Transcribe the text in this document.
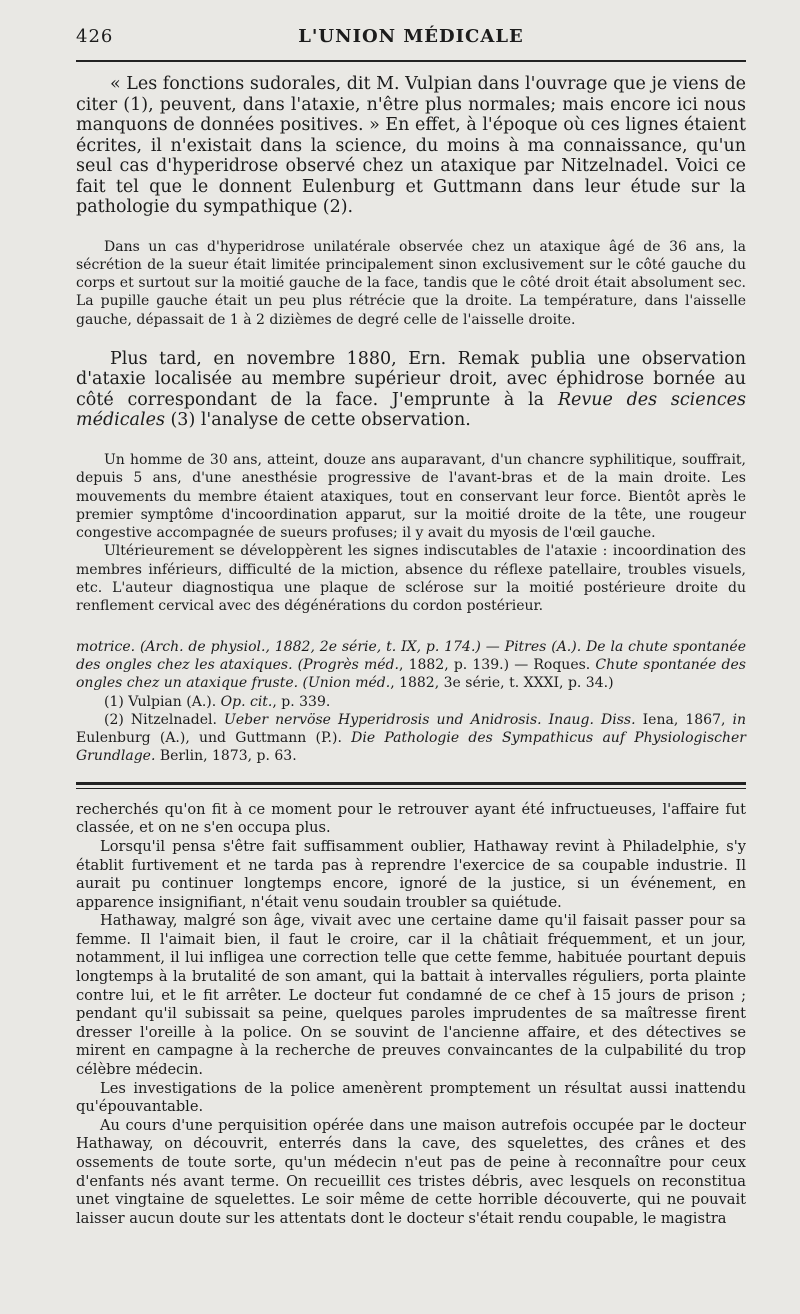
426	L'UNION MÉDICALE

« Les fonctions sudorales, dit M. Vulpian dans l'ouvrage que je viens de citer (1), peuvent, dans l'ataxie, n'être plus normales; mais encore ici nous manquons de données positives. » En effet, à l'époque où ces lignes étaient écrites, il n'existait dans la science, du moins à ma connaissance, qu'un seul cas d'hyperidrose observé chez un ataxique par Nitzelnadel. Voici ce fait tel que le donnent Eulenburg et Guttmann dans leur étude sur la pathologie du sympathique (2).

Dans un cas d'hyperidrose unilatérale observée chez un ataxique âgé de 36 ans, la sécrétion de la sueur était limitée principalement sinon exclusivement sur le côté gauche du corps et surtout sur la moitié gauche de la face, tandis que le côté droit était absolument sec. La pupille gauche était un peu plus rétrécie que la droite. La température, dans l'aisselle gauche, dépassait de 1 à 2 dizièmes de degré celle de l'aisselle droite.

Plus tard, en novembre 1880, Ern. Remak publia une observation d'ataxie localisée au membre supérieur droit, avec éphidrose bornée au côté correspondant de la face. J'emprunte à la Revue des sciences médicales (3) l'analyse de cette observation.

Un homme de 30 ans, atteint, douze ans auparavant, d'un chancre syphilitique, souffrait, depuis 5 ans, d'une anesthésie progressive de l'avant-bras et de la main droite. Les mouvements du membre étaient ataxiques, tout en conservant leur force. Bientôt après le premier symptôme d'incoordination apparut, sur la moitié droite de la tête, une rougeur congestive accompagnée de sueurs profuses; il y avait du myosis de l'œil gauche.

Ultérieurement se développèrent les signes indiscutables de l'ataxie : incoordination des membres inférieurs, difficulté de la miction, absence du réflexe patellaire, troubles visuels, etc. L'auteur diagnostiqua une plaque de sclérose sur la moitié postérieure droite du renflement cervical avec des dégénérations du cordon postérieur.

motrice. (Arch. de physiol., 1882, 2e série, t. IX, p. 174.) — Pitres (A.). De la chute spontanée des ongles chez les ataxiques. (Progrès méd., 1882, p. 139.) — Roques. Chute spontanée des ongles chez un ataxique fruste. (Union méd., 1882, 3e série, t. XXXI, p. 34.)

(1) Vulpian (A.). Op. cit., p. 339.

(2) Nitzelnadel. Ueber nervöse Hyperidrosis und Anidrosis. Inaug. Diss. Iena, 1867, in Eulenburg (A.), und Guttmann (P.). Die Pathologie des Sympathicus auf Physiologischer Grundlage. Berlin, 1873, p. 63.

recherchés qu'on fit à ce moment pour le retrouver ayant été infructueuses, l'affaire fut classée, et on ne s'en occupa plus.

Lorsqu'il pensa s'être fait suffisamment oublier, Hathaway revint à Philadelphie, s'y établit furtivement et ne tarda pas à reprendre l'exercice de sa coupable industrie. Il aurait pu continuer longtemps encore, ignoré de la justice, si un événement, en apparence insignifiant, n'était venu soudain troubler sa quiétude.

Hathaway, malgré son âge, vivait avec une certaine dame qu'il faisait passer pour sa femme. Il l'aimait bien, il faut le croire, car il la châtiait fréquemment, et un jour, notamment, il lui infligea une correction telle que cette femme, habituée pourtant depuis longtemps à la brutalité de son amant, qui la battait à intervalles réguliers, porta plainte contre lui, et le fit arrêter. Le docteur fut condamné de ce chef à 15 jours de prison ; pendant qu'il subissait sa peine, quelques paroles imprudentes de sa maîtresse firent dresser l'oreille à la police. On se souvint de l'ancienne affaire, et des détectives se mirent en campagne à la recherche de preuves convaincantes de la culpabilité du trop célèbre médecin.

Les investigations de la police amenèrent promptement un résultat aussi inattendu qu'épouvantable.

Au cours d'une perquisition opérée dans une maison autrefois occupée par le docteur Hathaway, on découvrit, enterrés dans la cave, des squelettes, des crânes et des ossements de toute sorte, qu'un médecin n'eut pas de peine à reconnaître pour ceux d'enfants nés avant terme. On recueillit ces tristes débris, avec lesquels on reconstitua unet vingtaine de squelettes. Le soir même de cette horrible découverte, qui ne pouvait laisser aucun doute sur les attentats dont le docteur s'était rendu coupable, le magistra
